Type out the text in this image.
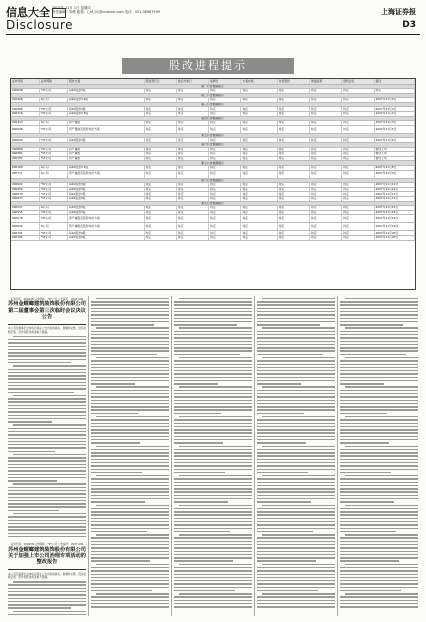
信息大全 2007年 11月 1日 星期四
责任编辑：李维 邮箱：l_hf_01@cnstock.com 电话：021-38967599	上海证券报
Disclosure	D3
股改进程提示
证券代码	证券简称	股改方案	股权登记日	最后交易日	复牌日	方案实施	对价股份	网络投票	现场会议	备注
第一公告披露提示										
000638	*ST公司	每10股送3股	待定	待定	待定	待定	待定	待定	待定	待定
第二公告披露提示										
000408	G公司	每10股送3.2股	待定	待定	待定	待定	待定	待定	待定	2007年11月5日
第三公告披露提示										
000506	*ST公司	每10股送3股	待定	待定	待定	待定	待定	待定	待定	2007年11月2日
000716	*ST公司	每10股送3.5股	待定	待定	待定	待定	待定	待定	待定	2007年11月2日
第四公告披露提示										
000413	G公司	资产重组	待定	待定	待定	待定	待定	待定	待定	2007年11月3日
000548	*ST公司	资产置换及股份对价方案	待定	待定	待定	待定	待定	待定	待定	2007年11月5日
第五公告披露提示										
000029	*ST公司	每10股送3股	待定	待定	待定	待定	待定	待定	待定	2007年11月6日
第六公告披露提示										
000658	*ST公司	资产重组	待定	待定	待定	待定	待定	待定	待定	暂停上市
000681	*ST公司	资产重组	待定	待定	待定	待定	待定	待定	待定	暂停上市
000787	*ST公司	资产重组	待定	待定	待定	待定	待定	待定	待定	暂停上市
第七公告披露提示										
600180	G公司	每10股送3.2股	待定	待定	待定	待定	待定	待定	待定	2007年11月8日
600711	G公司	资产重组及股份对价方案	待定	待定	待定	待定	待定	待定	待定	2007年11月9日
第八公告披露提示										
000622	*ST公司	每10股送3股	待定	待定	待定	待定	待定	待定	待定	2007年11月12日
000656	*ST公司	每10股送3股	待定	待定	待定	待定	待定	待定	待定	2007年11月12日
000670	*ST公司	每10股送3股	待定	待定	待定	待定	待定	待定	待定	2007年11月12日
000677	*ST公司	每10股送3股	待定	待定	待定	待定	待定	待定	待定	2007年11月12日
第九公告披露提示										
000527	G公司	每10股送3股	待定	待定	待定	待定	待定	待定	待定	2007年11月15日
000555	*ST公司	每10股送3股	待定	待定	待定	待定	待定	待定	待定	2007年11月15日
000578	*ST公司	资产重组及股份对价方案	待定	待定	待定	待定	待定	待定	待定	2007年11月16日
600636	G公司	资产重组及股份对价方案	待定	待定	待定	待定	待定	待定	待定	2007年11月19日
600701	*ST公司	每10股送3股	待定	待定	待定	待定	待定	待定	待定	2007年11月20日
600705	*ST公司	每10股送3股	待定	待定	待定	待定	待定	待定	待定	2007年11月20日
证券代码：000638 证券简称：*ST公司 公告编号：2007-095
苏州金螳螂建筑装饰股份有限公司
第二届董事会第三次临时会议决议公告

本公司及董事会全体成员保证公告内容的真实、准确和完整，没有虚假记载、误导性陈述或者重大遗漏。

证券代码：000638 证券简称：*ST公司 公告编号：2007-096
苏州金螳螂建筑装饰股份有限公司
关于加强上市公司治理专项活动的整改报告

本公司及董事会全体成员保证公告内容的真实、准确和完整，没有虚假记载、误导性陈述或者重大遗漏。
